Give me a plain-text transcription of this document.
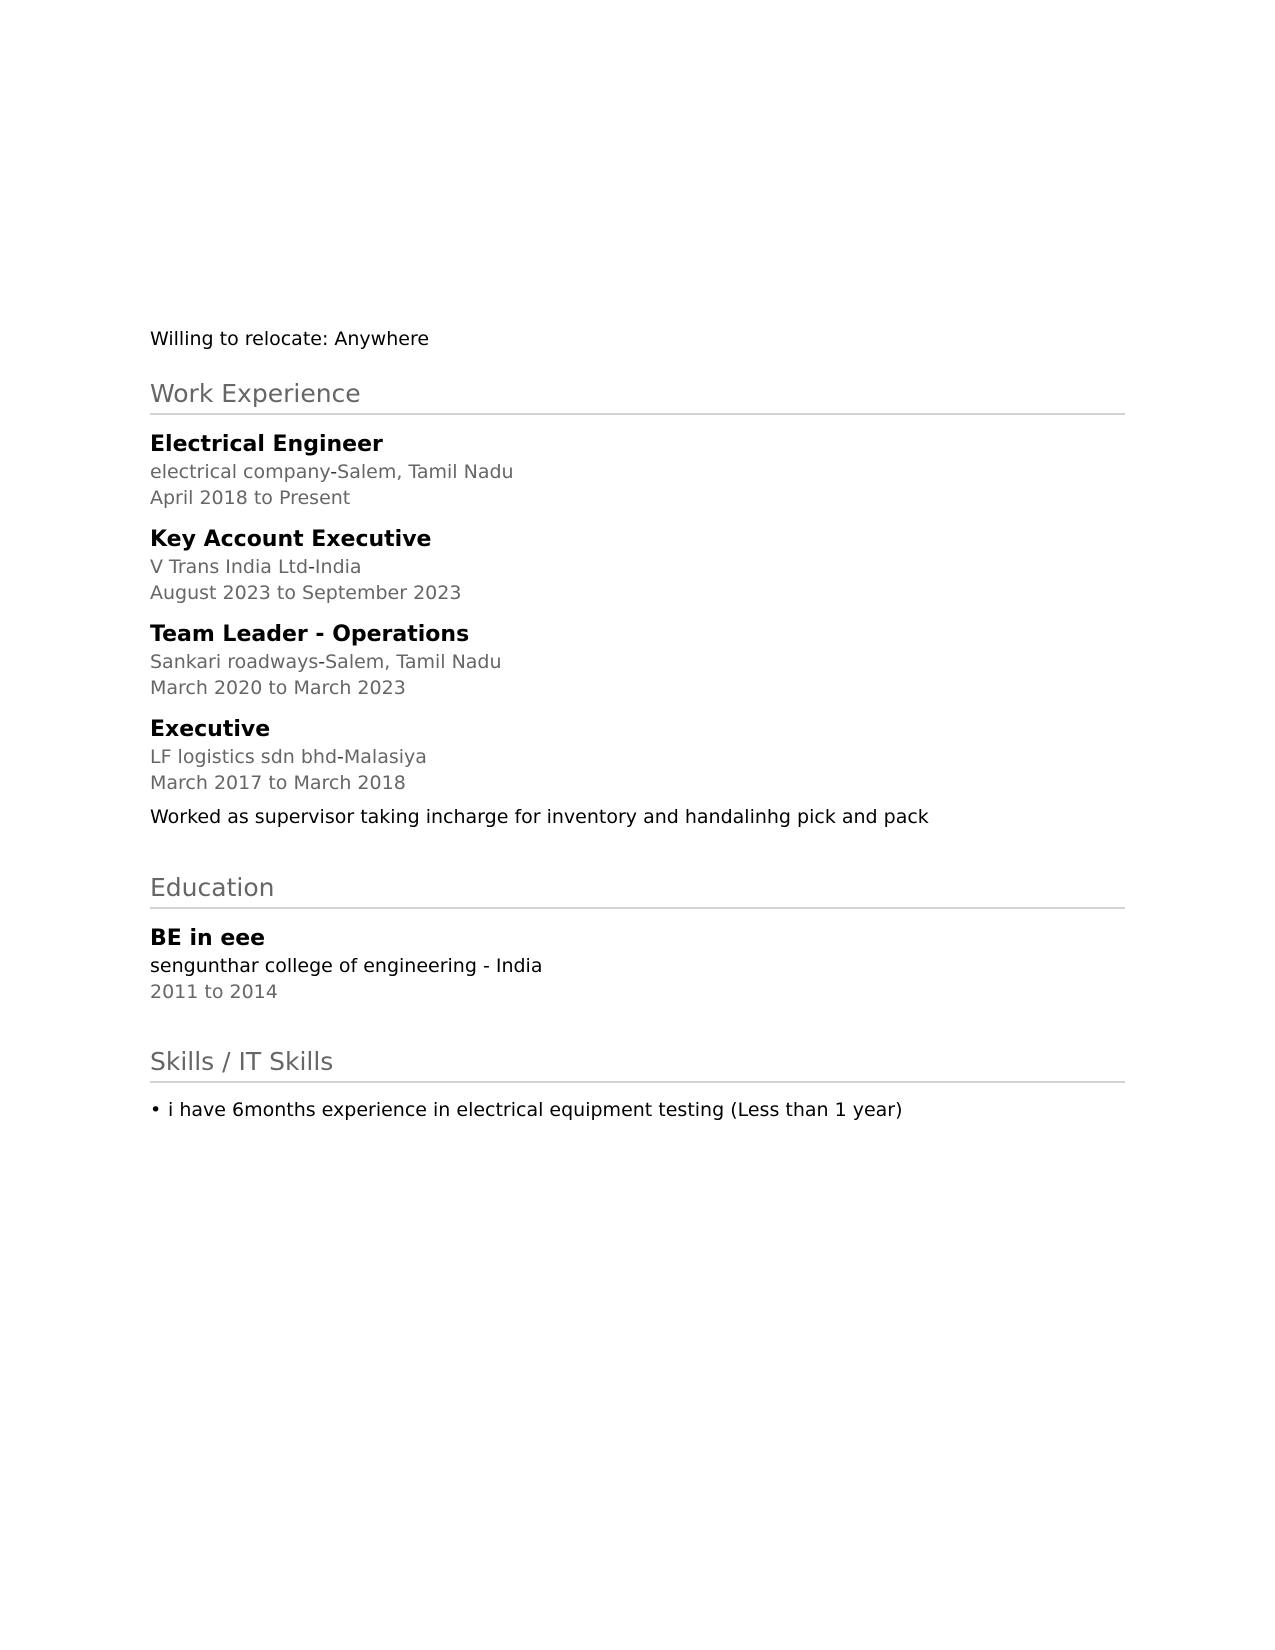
Willing to relocate: Anywhere
Work Experience
Electrical Engineer
electrical company-Salem, Tamil Nadu
April 2018 to Present
Key Account Executive
V Trans India Ltd-India
August 2023 to September 2023
Team Leader - Operations
Sankari roadways-Salem, Tamil Nadu
March 2020 to March 2023
Executive
LF logistics sdn bhd-Malasiya
March 2017 to March 2018
Worked as supervisor taking incharge for inventory and handalinhg pick and pack
Education
BE in eee
sengunthar college of engineering - India
2011 to 2014
Skills / IT Skills
• i have 6months experience in electrical equipment testing (Less than 1 year)
